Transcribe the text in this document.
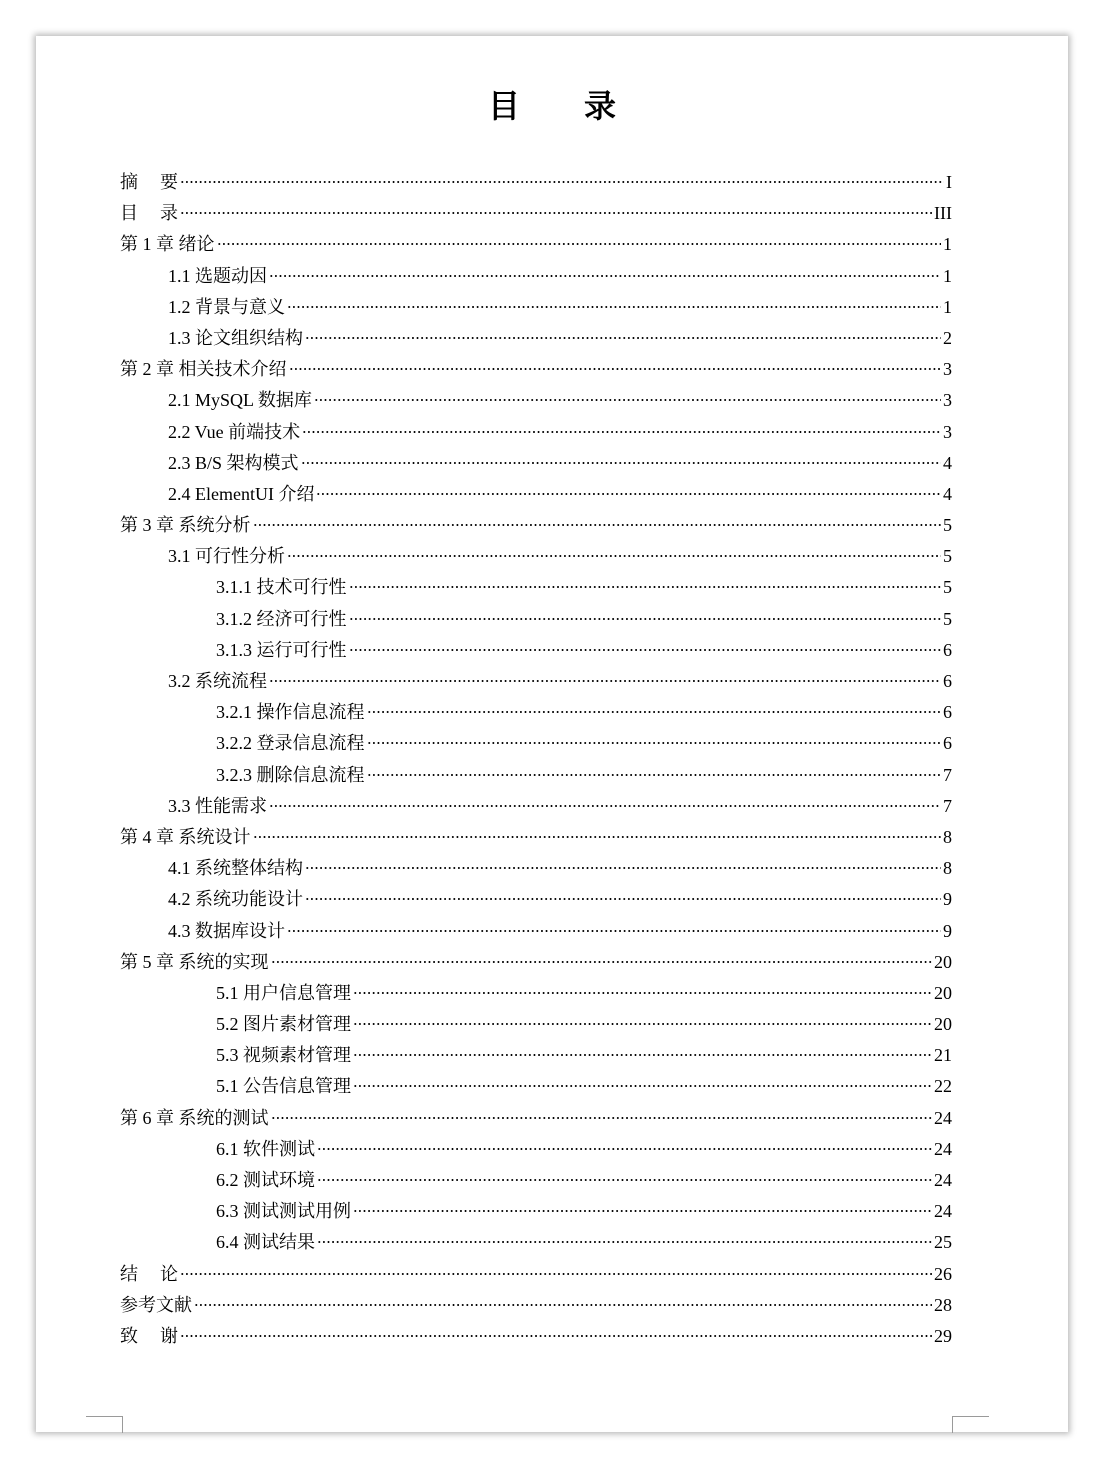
目 录
摘 要	I
目 录	III
第 1 章 绪论	1
1.1 选题动因	1
1.2 背景与意义	1
1.3 论文组织结构	2
第 2 章 相关技术介绍	3
2.1 MySQL 数据库	3
2.2 Vue 前端技术	3
2.3 B/S 架构模式	4
2.4 ElementUI 介绍	4
第 3 章 系统分析	5
3.1 可行性分析	5
3.1.1 技术可行性	5
3.1.2 经济可行性	5
3.1.3 运行可行性	6
3.2 系统流程	6
3.2.1 操作信息流程	6
3.2.2 登录信息流程	6
3.2.3 删除信息流程	7
3.3 性能需求	7
第 4 章 系统设计	8
4.1 系统整体结构	8
4.2 系统功能设计	9
4.3 数据库设计	9
第 5 章 系统的实现	20
5.1 用户信息管理	20
5.2 图片素材管理	20
5.3 视频素材管理	21
5.1 公告信息管理	22
第 6 章 系统的测试	24
6.1 软件测试	24
6.2 测试环境	24
6.3 测试测试用例	24
6.4 测试结果	25
结 论	26
参考文献	28
致 谢	29
